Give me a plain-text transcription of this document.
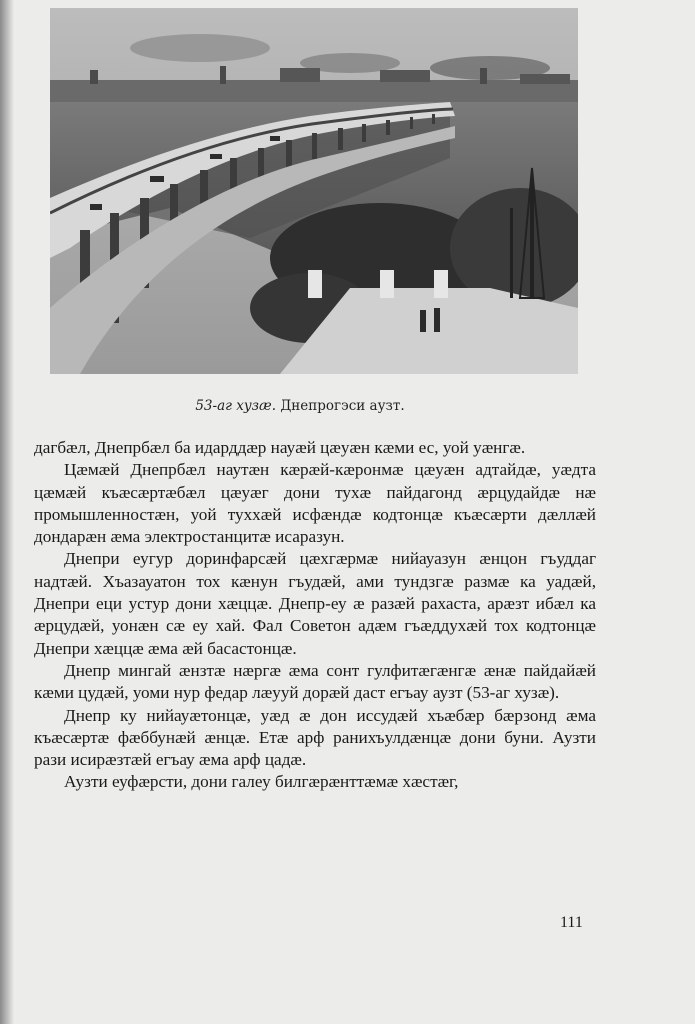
53-аг хузæ. Днепрогэси аузт.

дагбæл, Днепрбæл ба идарддæр науæй цæуæн кæми ес, уой уæнгæ.

Цæмæй Днепрбæл наутæн кæрæй-кæронмæ цæуæн адтайдæ, уæдта цæмæй къæсæртæбæл цæуæг дони тухæ пайдагонд æрцудайдæ нæ промышленностæн, уой туххæй исфæндæ кодтонцæ къæсæрти дæллæй дондарæн æма электростанцитæ исаразун.

Днепри еугур доринфарсæй цæхгæрмæ нийауазун æнцон гъуддаг надтæй. Хъазауатон тох кæнун гъудæй, ами тундзгæ размæ ка уадæй, Днепри еци устур дони хæццæ. Днепр-еу æ разæй рахаста, арæзт ибæл ка æрцудæй, уонæн сæ еу хай. Фал Советон адæм гъæддухæй тох кодтонцæ Днепри хæццæ æма æй басастонцæ.

Днепр мингай æнзтæ нæргæ æма сонт гулфитæгæнгæ æнæ пайдайæй кæми цудæй, уоми нур федар лæууй дорæй даст егъау аузт (53-аг хузæ).

Днепр ку нийауæтонцæ, уæд æ дон иссудæй хъæбæр бæрзонд æма къæсæртæ фæббунæй æнцæ. Етæ арф ранихъулдæнцæ дони буни. Аузти рази исирæзтæй егъау æма арф цадæ.

Аузти еуфæрсти, дони галеу билгæрæнттæмæ хæстæг,

111
